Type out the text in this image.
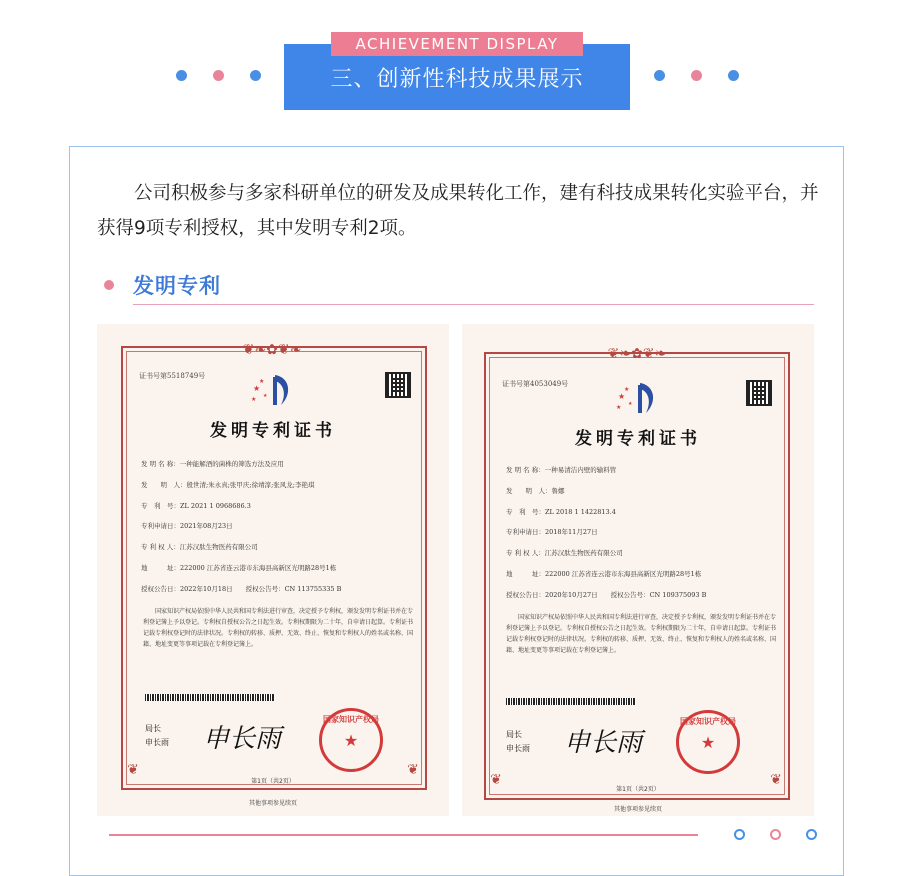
三、创新性科技成果展示
ACHIEVEMENT DISPLAY
公司积极参与多家科研单位的研发及成果转化工作，建有科技成果转化实验平台，并获得9项专利授权，其中发明专利2项。
发明专利
❦❧✿❦❧
❦	❦
证书号第5518749号
★
★
★ ★
发明专利证书
发 明 名 称：一种能解酒的菌株的筛选方法及应用
发　　明　人：殷世清;朱永真;张甲庆;徐靖淳;张风龙;李艳琪
专　利　号：ZL 2021 1 0968686.3
专利申请日：2021年08月23日
专 利 权 人：江苏汉肽生物医药有限公司
地　　　址：222000 江苏省连云港市东海县高新区光明路28号1栋
授权公告日：2022年10月18日　　授权公告号：CN 113755335 B
国家知识产权局依照中华人民共和国专利法进行审查，决定授予专利权，颁发发明专利证书并在专利登记簿上予以登记。专利权自授权公告之日起生效。专利权期限为二十年，自申请日起算。专利证书记载专利权登记时的法律状况。专利权的转移、质押、无效、终止、恢复和专利权人的姓名或名称、国籍、地址变更等事项记载在专利登记簿上。
局长
申长雨 申长雨
国家知识产权局
★
第1页（共2页）
其他事项参见续页
❦❧✿❦❧
❦	❦
证书号第4053049号
★
★
★ ★
发明专利证书
发 明 名 称：一种易清洁内壁的输料管
发　　明　人：鲁娜
专　利　号：ZL 2018 1 1422813.4
专利申请日：2018年11月27日
专 利 权 人：江苏汉肽生物医药有限公司
地　　　址：222000 江苏省连云港市东海县高新区光明路28号1栋
授权公告日：2020年10月27日　　授权公告号：CN 109375093 B
国家知识产权局依照中华人民共和国专利法进行审查，决定授予专利权，颁发发明专利证书并在专利登记簿上予以登记。专利权自授权公告之日起生效。专利权期限为二十年，自申请日起算。专利证书记载专利权登记时的法律状况。专利权的转移、质押、无效、终止、恢复和专利权人的姓名或名称、国籍、地址变更等事项记载在专利登记簿上。
局长
申长雨 申长雨
国家知识产权局
★
第1页（共2页）
其他事项参见续页
